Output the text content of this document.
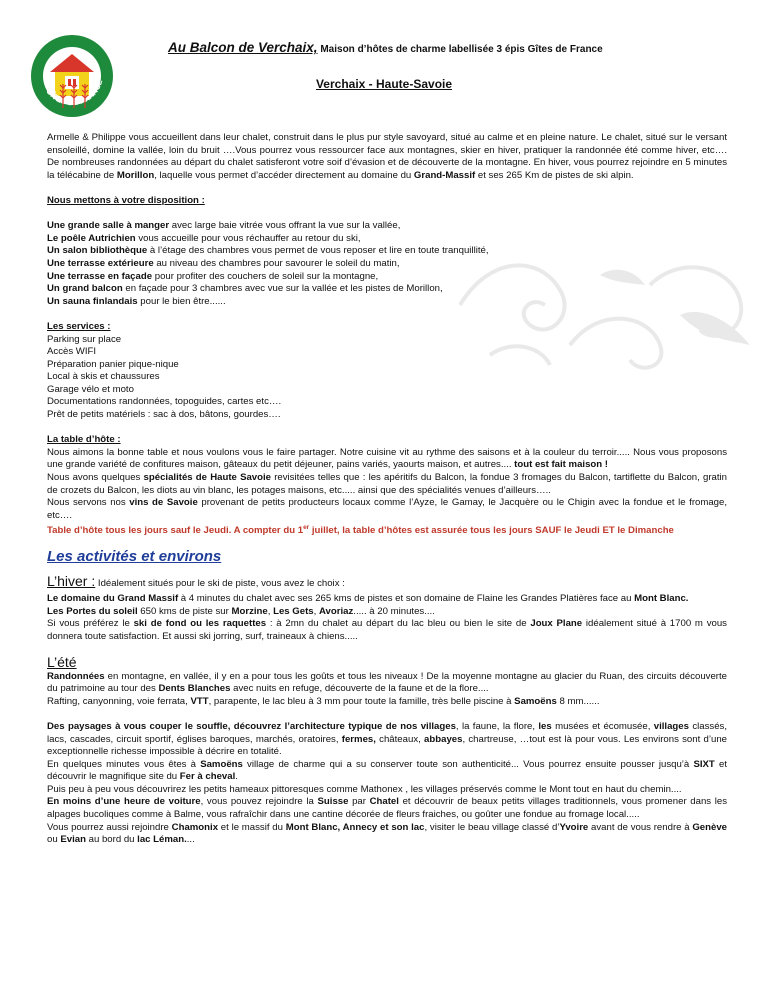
GÎTES DE FRANCE
Au Balcon de Verchaix, Maison d’hôtes de charme labellisée 3 épis Gîtes de France
Verchaix - Haute-Savoie

Armelle & Philippe vous accueillent dans leur chalet, construit dans le plus pur style savoyard, situé au calme et en pleine nature. Le chalet, situé sur le versant ensoleillé, domine la vallée, loin du bruit ….Vous pourrez vous ressourcer face aux montagnes, skier en hiver, pratiquer la randonnée été comme hiver, etc…. De nombreuses randonnées au départ du chalet satisferont votre soif d’évasion et de découverte de la montagne. En hiver, vous pourrez rejoindre en 5 minutes la télécabine de Morillon, laquelle vous permet d’accéder directement au domaine du Grand-Massif et ses 265 Km de pistes de ski alpin.

Nous mettons à votre disposition :

Une grande salle à manger avec large baie vitrée vous offrant la vue sur la vallée,
Le poêle Autrichien vous accueille pour vous réchauffer au retour du ski,
Un salon bibliothèque à l’étage des chambres vous permet de vous reposer et lire en toute tranquillité,
Une terrasse extérieure au niveau des chambres pour savourer le soleil du matin,
Une terrasse en façade pour profiter des couchers de soleil sur la montagne,
Un grand balcon en façade pour 3 chambres avec vue sur la vallée et les pistes de Morillon,
Un sauna finlandais pour le bien être......
Les services :
Parking sur place
Accès WIFI
Préparation panier pique-nique
Local à skis et chaussures
Garage vélo et moto
Documentations randonnées, topoguides, cartes etc….
Prêt de petits matériels : sac à dos, bâtons, gourdes….
La table d’hôte :

Nous aimons la bonne table et nous voulons vous le faire partager. Notre cuisine vit au rythme des saisons et à la couleur du terroir..... Nous vous proposons une grande variété de confitures maison, gâteaux du petit déjeuner, pains variés, yaourts maison, et autres.... tout est fait maison !

Nous avons quelques spécialités de Haute Savoie revisitées telles que : les apéritifs du Balcon, la fondue 3 fromages du Balcon, tartiflette du Balcon, gratin de crozets du Balcon, les diots au vin blanc, les potages maisons, etc..... ainsi que des spécialités venues d’ailleurs…..

Nous servons nos vins de Savoie provenant de petits producteurs locaux comme l’Ayze, le Gamay, le Jacquère ou le Chigin avec la fondue et le fromage, etc….

Table d’hôte tous les jours sauf le Jeudi. A compter du 1er juillet, la table d’hôtes est assurée tous les jours SAUF le Jeudi ET le Dimanche

Les activités et environs
L’hiver : Idéalement situés pour le ski de piste, vous avez le choix :

Le domaine du Grand Massif à 4 minutes du chalet avec ses 265 kms de pistes et son domaine de Flaine les Grandes Platières face au Mont Blanc.

Les Portes du soleil 650 kms de piste sur Morzine, Les Gets, Avoriaz..... à 20 minutes....

Si vous préférez le ski de fond ou les raquettes : à 2mn du chalet au départ du lac bleu ou bien le site de Joux Plane idéalement situé à 1700 m vous donnera toute satisfaction. Et aussi ski jorring, surf, traineaux à chiens.....

L’été

Randonnées en montagne, en vallée, il y en a pour tous les goûts et tous les niveaux ! De la moyenne montagne au glacier du Ruan, des circuits découverte du patrimoine au tour des Dents Blanches avec nuits en refuge, découverte de la faune et de la flore....

Rafting, canyonning, voie ferrata, VTT, parapente, le lac bleu à 3 mm pour toute la famille, très belle piscine à Samoëns 8 mm......

Des paysages à vous couper le souffle, découvrez l’architecture typique de nos villages, la faune, la flore, les musées et écomusée, villages classés, lacs, cascades, circuit sportif, églises baroques, marchés, oratoires, fermes, châteaux, abbayes, chartreuse, …tout est là pour vous. Les environs sont d’une exceptionnelle richesse impossible à décrire en totalité.

En quelques minutes vous êtes à Samoëns village de charme qui a su conserver toute son authenticité... Vous pourrez ensuite pousser jusqu’à SIXT et découvrir le magnifique site du Fer à cheval.

Puis peu à peu vous découvrirez les petits hameaux pittoresques comme Mathonex , les villages préservés comme le Mont tout en haut du chemin....

En moins d’une heure de voiture, vous pouvez rejoindre la Suisse par Chatel et découvrir de beaux petits villages traditionnels, vous promener dans les alpages bucoliques comme à Balme, vous rafraîchir dans une cantine décorée de fleurs fraiches, ou goûter une fondue au fromage local.....

Vous pourrez aussi rejoindre Chamonix et le massif du Mont Blanc, Annecy et son lac, visiter le beau village classé d’Yvoire avant de vous rendre à Genève ou Evian au bord du lac Léman....
